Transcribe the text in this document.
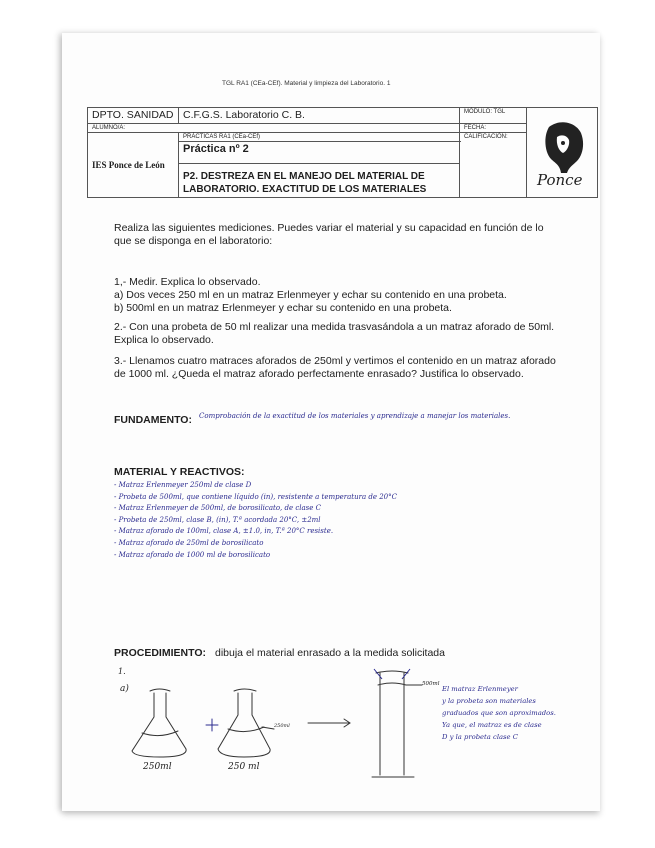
TGL RA1 (CEa-CEf). Material y limpieza del Laboratorio. 1
DPTO. SANIDAD	C.F.G.S. Laboratorio C. B.	MÓDULO: TGL	Ponce

ALUMNO/A:		FECHA:	
IES Ponce de León	PRÁCTICAS RA1 (CEa-CEf)	CALIFICACIÓN:	
	Práctica nº 2		
	P2. DESTREZA EN EL MANEJO DEL MATERIAL DE LABORATORIO. EXACTITUD DE LOS MATERIALES		
Realiza las siguientes mediciones. Puedes variar el material y su capacidad en función de lo que se disponga en el laboratorio:
1,- Medir. Explica lo observado.
a) Dos veces 250 ml en un matraz Erlenmeyer y echar su contenido en una probeta.
b) 500ml en un matraz Erlenmeyer y echar su contenido en una probeta.
2.- Con una probeta de 50 ml realizar una medida trasvasándola a un matraz aforado de 50ml. Explica lo observado.
3.- Llenamos cuatro matraces aforados de 250ml y vertimos el contenido en un matraz aforado de 1000 ml. ¿Queda el matraz aforado perfectamente enrasado? Justifica lo observado.
FUNDAMENTO: Comprobación de la exactitud de los materiales y aprendizaje a manejar los materiales.
MATERIAL Y REACTIVOS:
- Matraz Erlenmeyer 250ml de clase D
- Probeta de 500ml, que contiene líquido (in), resistente a temperatura de 20°C
- Matraz Erlenmeyer de 500ml, de borosilicato, de clase C
- Probeta de 250ml, clase B, (in), T.ª acordada 20°C, ±2ml
- Matraz aforado de 100ml, clase A, ±1.0, in, T.ª 20°C resiste.
- Matraz aforado de 250ml de borosilicato
- Matraz aforado de 1000 ml de borosilicato
PROCEDIMIENTO: dibuja el material enrasado a la medida solicitada
1.
a)
250ml	250 ml
250ml
500ml
El matraz Erlenmeyer
y la probeta son materiales
graduados que son aproximados.
Ya que, el matraz es de clase
D y la probeta clase C
